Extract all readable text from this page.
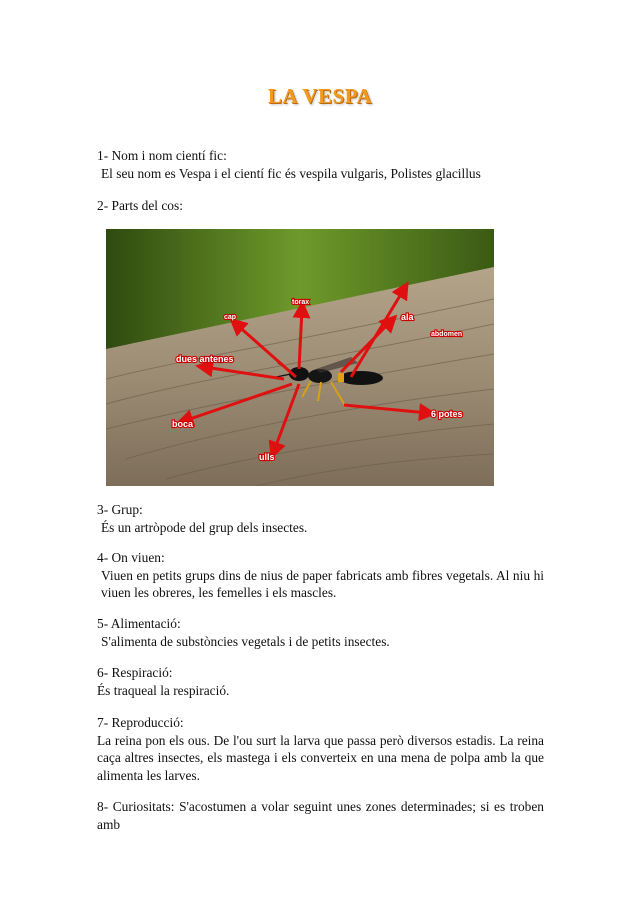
LA VESPA
1- Nom i nom cientí fic:
El seu nom es Vespa i el cientí fic és vespila vulgaris, Polistes glacillus
2- Parts del cos:
cap
torax
ala
abdomen
dues antenes
boca
ulls
6 potes
3- Grup:
És un artròpode del grup dels insectes.
4- On viuen:
Viuen en petits grups dins de nius de paper fabricats amb fibres vegetals. Al niu hi viuen les obreres, les femelles i els mascles.
5- Alimentació:
S'alimenta de substòncies vegetals i de petits insectes.
6- Respiració:
És traqueal la respiració.
7- Reproducció:
La reina pon els ous. De l'ou surt la larva que passa però diversos estadis. La reina caça altres insectes, els mastega i els converteix en una mena de polpa amb la que alimenta les larves.
8- Curiositats: S'acostumen a volar seguint unes zones determinades; si es troben amb
